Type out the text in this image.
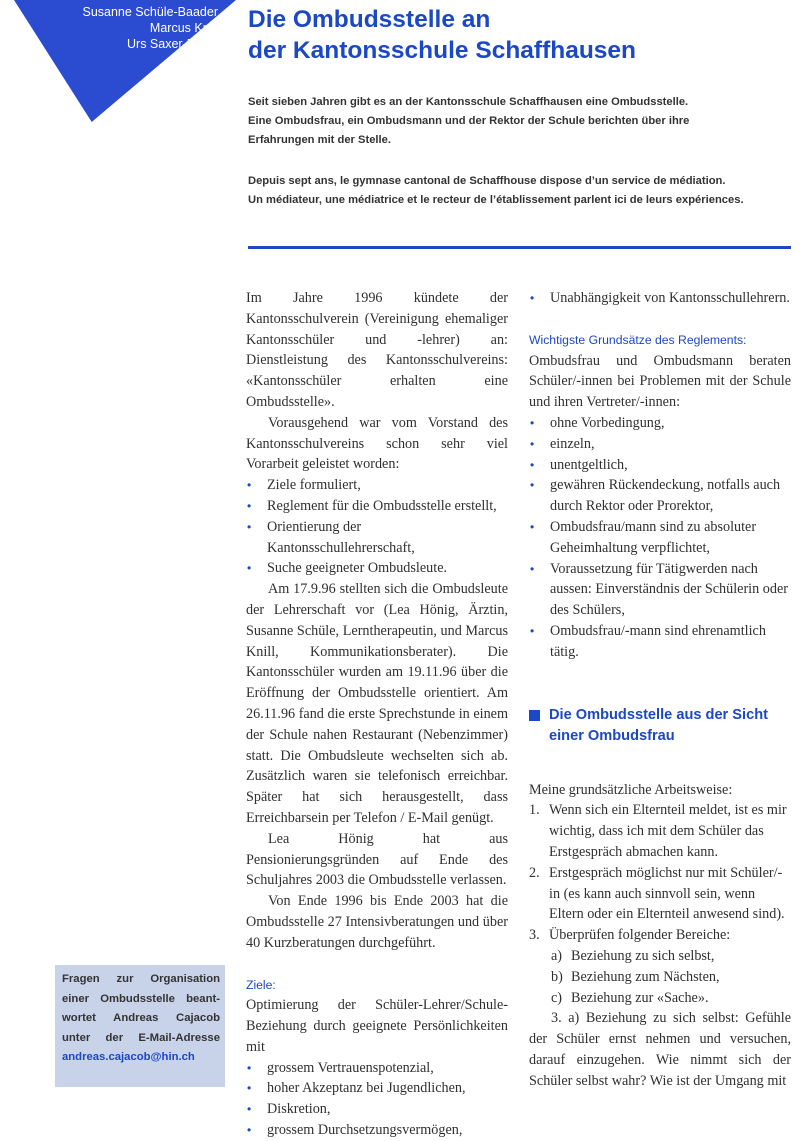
Susanne Schüle-Baader
Marcus Knill
Urs Saxer-Büchi
Die Ombudsstelle an
der Kantonsschule Schaffhausen
Seit sieben Jahren gibt es an der Kantonsschule Schaffhausen eine Ombudsstelle.
Eine Ombudsfrau, ein Ombudsmann und der Rektor der Schule berichten über ihre
Erfahrungen mit der Stelle.
Depuis sept ans, le gymnase cantonal de Schaffhouse dispose d’un service de médiation.
Un médiateur, une médiatrice et le recteur de l’établissement parlent ici de leurs expériences.

Im Jahre 1996 kündete der Kantonsschulverein (Vereinigung ehemaliger Kantonsschüler und -lehrer) an: Dienstleistung des Kantonsschulvereins: «Kantonsschüler erhalten eine Ombudsstelle».

Vorausgehend war vom Vorstand des Kantonsschulvereins schon sehr viel Vorarbeit geleistet worden:

• Ziele formuliert,
• Reglement für die Ombudsstelle erstellt,
• Orientierung der Kantonsschullehrerschaft,
• Suche geeigneter Ombudsleute.

Am 17.9.96 stellten sich die Ombudsleute der Lehrerschaft vor (Lea Hönig, Ärztin, Susanne Schüle, Lerntherapeutin, und Marcus Knill, Kommunikationsberater). Die Kantonsschüler wurden am 19.11.96 über die Eröffnung der Ombudsstelle orientiert. Am 26.11.96 fand die erste Sprechstunde in einem der Schule nahen Restaurant (Nebenzimmer) statt. Die Ombudsleute wechselten sich ab. Zusätzlich waren sie telefonisch erreichbar. Später hat sich herausgestellt, dass Erreichbarsein per Telefon / E-Mail genügt.

Lea Hönig hat aus Pensionierungsgründen auf Ende des Schuljahres 2003 die Ombudsstelle verlassen.

Von Ende 1996 bis Ende 2003 hat die Ombudsstelle 27 Intensivberatungen und über 40 Kurzberatungen durchgeführt.

Ziele:

Optimierung der Schüler-Lehrer/Schule-Beziehung durch geeignete Persönlichkeiten mit

• grossem Vertrauenspotenzial,
• hoher Akzeptanz bei Jugendlichen,
• Diskretion,
• grossem Durchsetzungsvermögen,
• Unabhängigkeit von Kantonsschullehrern.
Wichtigste Grundsätze des Reglements:

Ombudsfrau und Ombudsmann beraten Schüler/-innen bei Problemen mit der Schule und ihren Vertreter/-innen:

• ohne Vorbedingung,
• einzeln,
• unentgeltlich,
• gewähren Rückendeckung, notfalls auch durch Rektor oder Prorektor,
• Ombudsfrau/mann sind zu absoluter Geheimhaltung verpflichtet,
• Voraussetzung für Tätigwerden nach aussen: Einverständnis der Schülerin oder des Schülers,
• Ombudsfrau/-mann sind ehrenamtlich tätig.
Die Ombudsstelle aus der Sicht einer Ombudsfrau

Meine grundsätzliche Arbeitsweise:

1. Wenn sich ein Elternteil meldet, ist es mir wichtig, dass ich mit dem Schüler das Erstgespräch abmachen kann.
2. Erstgespräch möglichst nur mit Schüler/-in (es kann auch sinnvoll sein, wenn Eltern oder ein Elternteil anwesend sind).
3. Überprüfen folgender Bereiche:
a) Beziehung zu sich selbst,
b) Beziehung zum Nächsten,
c) Beziehung zur «Sache».

3. a) Beziehung zu sich selbst: Gefühle der Schüler ernst nehmen und versuchen, darauf einzugehen. Wie nimmt sich der Schüler selbst wahr? Wie ist der Umgang mit

Fragen zur Organisation
einer Ombudsstelle beant-
wortet Andreas Cajacob
unter der E-Mail-Adresse
andreas.cajacob@hin.ch
